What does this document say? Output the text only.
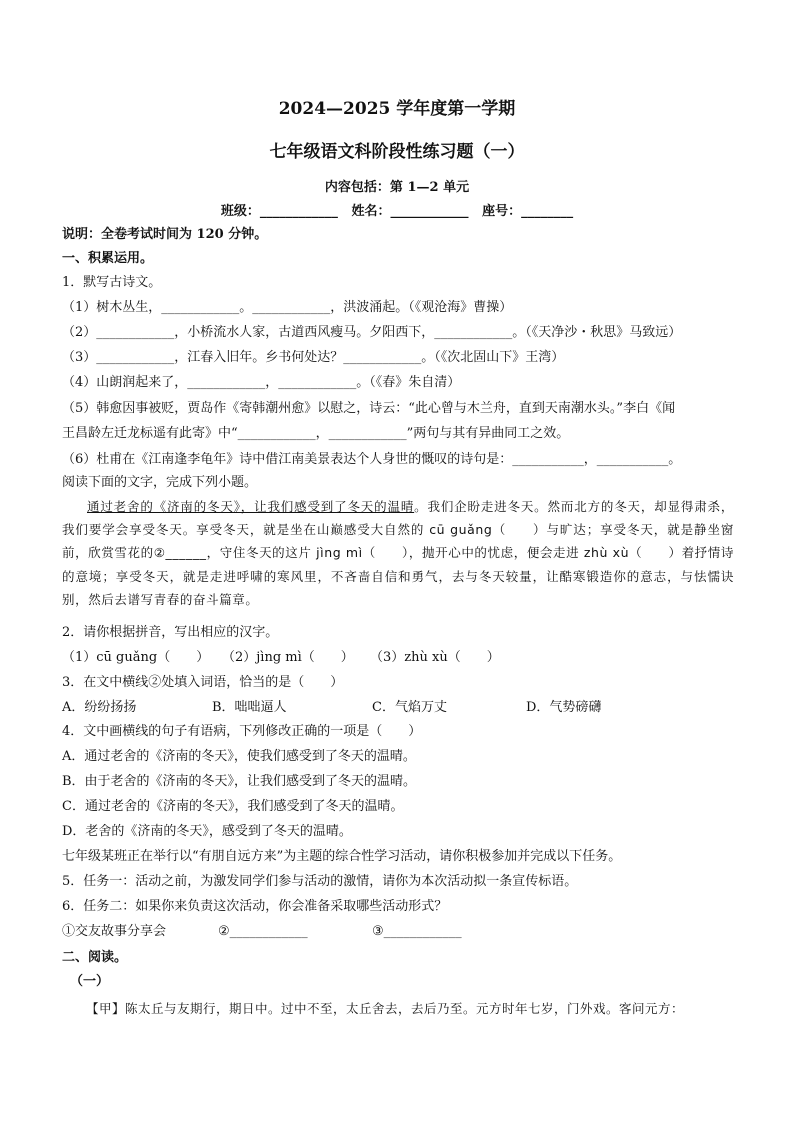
2024—2025 学年度第一学期
七年级语文科阶段性练习题（一）
内容包括：第 1—2 单元
班级：____________   姓名：____________   座号：________
说明：全卷考试时间为 120 分钟。
一、积累运用。
1．默写古诗文。
（1）树木丛生，____________。____________，洪波涌起。（《观沧海》曹操）
（2）____________，小桥流水人家，古道西风瘦马。夕阳西下，____________。（《天净沙・秋思》马致远）
（3）____________，江春入旧年。乡书何处达？____________。（《次北固山下》王湾）
（4）山朗润起来了，____________，____________。（《春》朱自清）
（5）韩愈因事被贬，贾岛作《寄韩潮州愈》以慰之，诗云：“此心曾与木兰舟，直到天南潮水头。”李白《闻
王昌龄左迁龙标遥有此寄》中“____________，____________”两句与其有异曲同工之效。
（6）杜甫在《江南逢李龟年》诗中借江南美景表达个人身世的慨叹的诗句是：___________，___________。
阅读下面的文字，完成下列小题。
通过老舍的《济南的冬天》，让我们感受到了冬天的温晴。我们企盼走进冬天。然而北方的冬天，却显得肃杀，我们要学会享受冬天。享受冬天，就是坐在山巅感受大自然的 cū guǎng（　　）与旷达；享受冬天，就是静坐窗前，欣赏雪花的②______，守住冬天的这片 jìng mì（　　），抛开心中的忧虑，便会走进 zhù xù（　　）着抒情诗的意境；享受冬天，就是走进呼啸的寒风里，不吝啬自信和勇气，去与冬天较量，让酷寒锻造你的意志，与怯懦诀别，然后去谱写青春的奋斗篇章。
2．请你根据拼音，写出相应的汉字。
（1）cū guǎng（　　） （2）jìng mì（　　） （3）zhù xù（　　）
3．在文中横线②处填入词语，恰当的是（　　）
A．纷纷扬扬	B．咄咄逼人	C．气焰万丈	D．气势磅礴
4．文中画横线的句子有语病，下列修改正确的一项是（　　）
A．通过老舍的《济南的冬天》，使我们感受到了冬天的温晴。
B．由于老舍的《济南的冬天》，让我们感受到了冬天的温晴。
C．通过老舍的《济南的冬天》，我们感受到了冬天的温晴。
D．老舍的《济南的冬天》，感受到了冬天的温晴。
七年级某班正在举行以“有朋自远方来”为主题的综合性学习活动，请你积极参加并完成以下任务。
5．任务一：活动之前，为激发同学们参与活动的激情，请你为本次活动拟一条宣传标语。
6．任务二：如果你来负责这次活动，你会准备采取哪些活动形式？
①交友故事分享会	②____________	③____________
二、阅读。
（一）
【甲】陈太丘与友期行，期日中。过中不至，太丘舍去，去后乃至。元方时年七岁，门外戏。客问元方：
